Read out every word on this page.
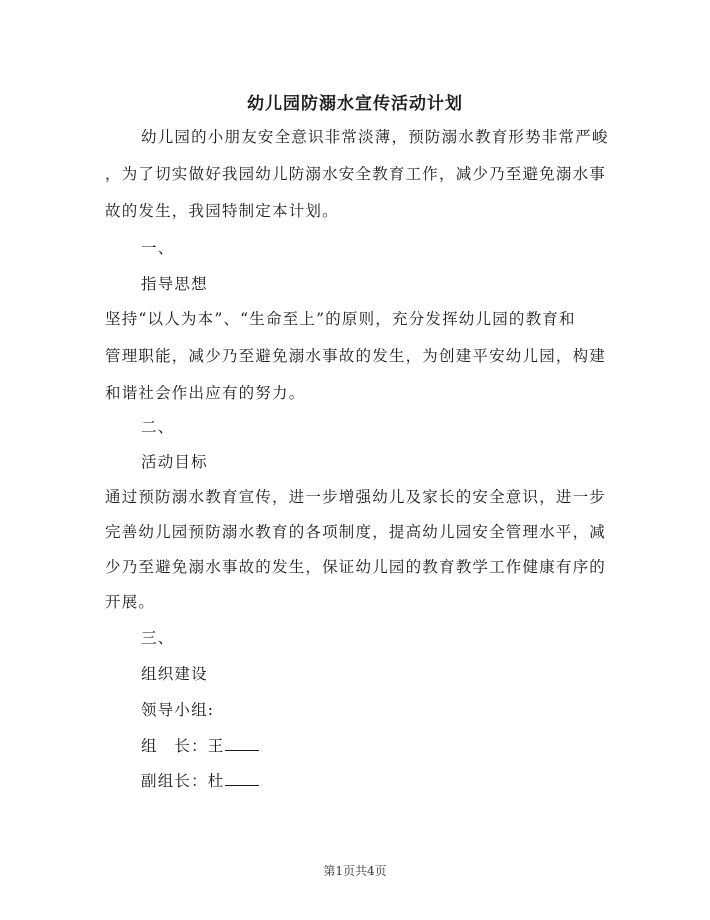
幼儿园防溺水宣传活动计划
幼儿园的小朋友安全意识非常淡薄，预防溺水教育形势非常严峻
，为了切实做好我园幼儿防溺水安全教育工作，减少乃至避免溺水事
故的发生，我园特制定本计划。
一、
指导思想
坚持“以人为本”、“生命至上”的原则，充分发挥幼儿园的教育和
管理职能，减少乃至避免溺水事故的发生，为创建平安幼儿园，构建
和谐社会作出应有的努力。
二、
活动目标
通过预防溺水教育宣传，进一步增强幼儿及家长的安全意识，进一步
完善幼儿园预防溺水教育的各项制度，提高幼儿园安全管理水平，减
少乃至避免溺水事故的发生，保证幼儿园的教育教学工作健康有序的
开展。
三、
组织建设
领导小组:
组　长：王
副组长：杜
第1页共4页
